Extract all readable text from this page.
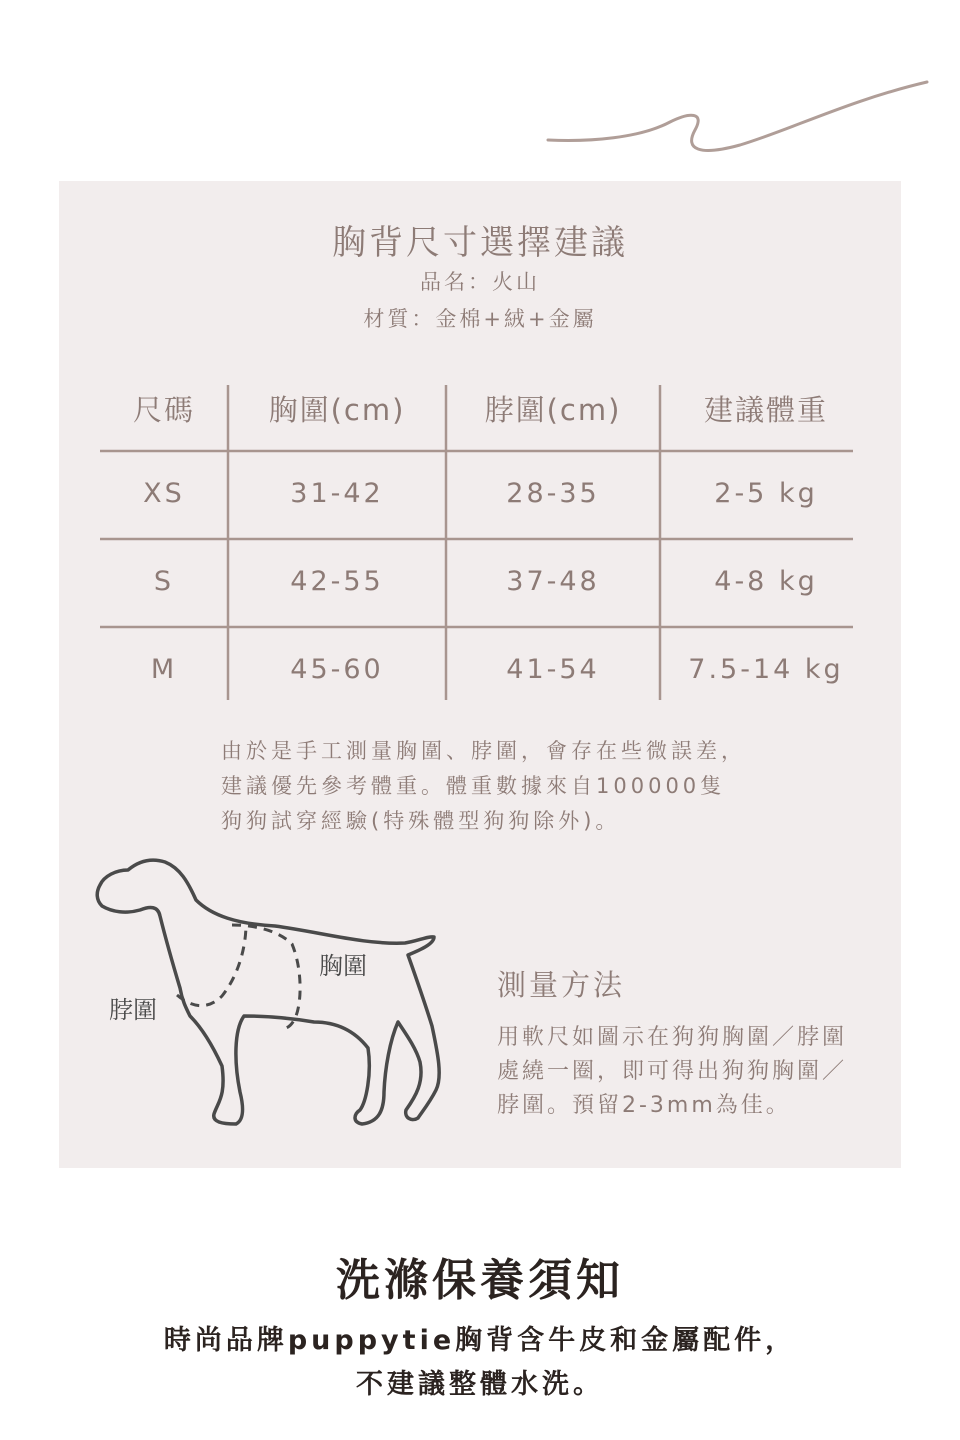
胸背尺寸選擇建議
品名：火山
材質：金棉+絨+金屬
尺碼	胸圍(cm)	脖圍(cm)	建議體重
XS	31-42	28-35	2-5 kg
S	42-55	37-48	4-8 kg
M	45-60	41-54	7.5-14 kg
由於是手工測量胸圍、脖圍，會存在些微誤差，
建議優先參考體重。體重數據來自100000隻
狗狗試穿經驗(特殊體型狗狗除外)。
脖圍
胸圍
測量方法
用軟尺如圖示在狗狗胸圍／脖圍
處繞一圈，即可得出狗狗胸圍／
脖圍。預留2-3mm為佳。
洗滌保養須知
時尚品牌puppytie胸背含牛皮和金屬配件，
不建議整體水洗。
